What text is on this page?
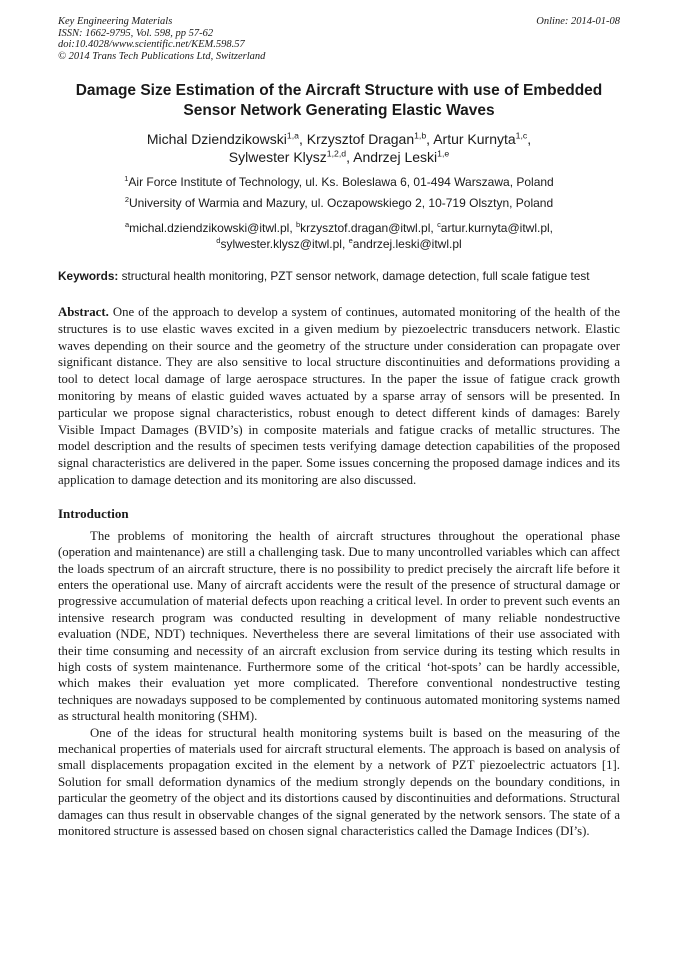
Key Engineering Materials
ISSN: 1662-9795, Vol. 598, pp 57-62
doi:10.4028/www.scientific.net/KEM.598.57
© 2014 Trans Tech Publications Ltd, Switzerland
Online: 2014-01-08
Damage Size Estimation of the Aircraft Structure with use of Embedded Sensor Network Generating Elastic Waves

Michal Dziendzikowski$^{1,a}$, Krzysztof Dragan$^{1,b}$, Artur Kurnyta$^{1,c}$,
Sylwester Klysz$^{1,2,d}$, Andrzej Leski$^{1,e}$

$^1$Air Force Institute of Technology, ul. Ks. Boleslawa 6, 01-494 Warszawa, Poland
$^2$University of Warmia and Mazury, ul. Oczapowskiego 2, 10-719 Olsztyn, Poland

$^a$michal.dziendzikowski@itwl.pl, $^b$krzysztof.dragan@itwl.pl, $^c$artur.kurnyta@itwl.pl,
$^d$sylwester.klysz@itwl.pl, $^e$andrzej.leski@itwl.pl

Keywords: structural health monitoring, PZT sensor network, damage detection, full scale fatigue test

Abstract. One of the approach to develop a system of continues, automated monitoring of the health of the structures is to use elastic waves excited in a given medium by piezoelectric transducers network. Elastic waves depending on their source and the geometry of the structure under consideration can propagate over significant distance. They are also sensitive to local structure discontinuities and deformations providing a tool to detect local damage of large aerospace structures. In the paper the issue of fatigue crack growth monitoring by means of elastic guided waves actuated by a sparse array of sensors will be presented. In particular we propose signal characteristics, robust enough to detect different kinds of damages: Barely Visible Impact Damages (BVID’s) in composite materials and fatigue cracks of metallic structures. The model description and the results of specimen tests verifying damage detection capabilities of the proposed signal characteristics are delivered in the paper. Some issues concerning the proposed damage indices and its application to damage detection and its monitoring are also discussed.

Introduction

The problems of monitoring the health of aircraft structures throughout the operational phase (operation and maintenance) are still a challenging task. Due to many uncontrolled variables which can affect the loads spectrum of an aircraft structure, there is no possibility to predict precisely the aircraft life before it enters the operational use. Many of aircraft accidents were the result of the presence of structural damage or progressive accumulation of material defects upon reaching a critical level. In order to prevent such events an intensive research program was conducted resulting in development of many reliable nondestructive evaluation (NDE, NDT) techniques. Nevertheless there are several limitations of their use associated with their time consuming and necessity of an aircraft exclusion from service during its testing which results in high costs of system maintenance. Furthermore some of the critical ‘hot-spots’ can be hardly accessible, which makes their evaluation yet more complicated. Therefore conventional nondestructive testing techniques are nowadays supposed to be complemented by continuous automated monitoring systems named as structural health monitoring (SHM).

One of the ideas for structural health monitoring systems built is based on the measuring of the mechanical properties of materials used for aircraft structural elements. The approach is based on analysis of small displacements propagation excited in the element by a network of PZT piezoelectric actuators [1]. Solution for small deformation dynamics of the medium strongly depends on the boundary conditions, in particular the geometry of the object and its distortions caused by discontinuities and deformations. Structural damages can thus result in observable changes of the signal generated by the network sensors. The state of a monitored structure is assessed based on chosen signal characteristics called the Damage Indices (DI’s).
